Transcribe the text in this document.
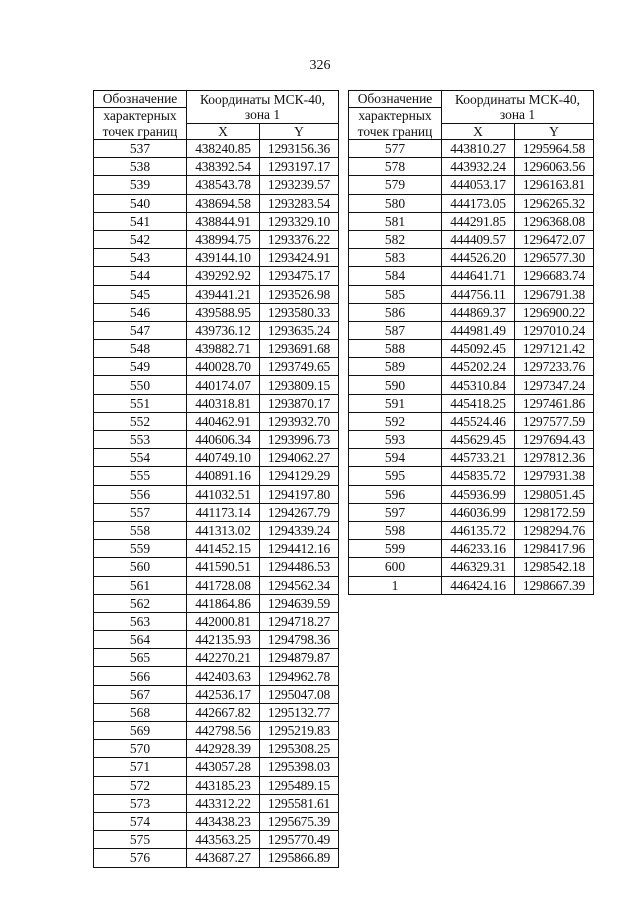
326
Обозначение	Координаты МСК-40,	
характерных	зона 1	
точек границ	X	Y
537	438240.85	1293156.36
538	438392.54	1293197.17
539	438543.78	1293239.57
540	438694.58	1293283.54
541	438844.91	1293329.10
542	438994.75	1293376.22
543	439144.10	1293424.91
544	439292.92	1293475.17
545	439441.21	1293526.98
546	439588.95	1293580.33
547	439736.12	1293635.24
548	439882.71	1293691.68
549	440028.70	1293749.65
550	440174.07	1293809.15
551	440318.81	1293870.17
552	440462.91	1293932.70
553	440606.34	1293996.73
554	440749.10	1294062.27
555	440891.16	1294129.29
556	441032.51	1294197.80
557	441173.14	1294267.79
558	441313.02	1294339.24
559	441452.15	1294412.16
560	441590.51	1294486.53
561	441728.08	1294562.34
562	441864.86	1294639.59
563	442000.81	1294718.27
564	442135.93	1294798.36
565	442270.21	1294879.87
566	442403.63	1294962.78
567	442536.17	1295047.08
568	442667.82	1295132.77
569	442798.56	1295219.83
570	442928.39	1295308.25
571	443057.28	1295398.03
572	443185.23	1295489.15
573	443312.22	1295581.61
574	443438.23	1295675.39
575	443563.25	1295770.49
576	443687.27	1295866.89
Обозначение	Координаты МСК-40,	
характерных	зона 1	
точек границ	X	Y
577	443810.27	1295964.58
578	443932.24	1296063.56
579	444053.17	1296163.81
580	444173.05	1296265.32
581	444291.85	1296368.08
582	444409.57	1296472.07
583	444526.20	1296577.30
584	444641.71	1296683.74
585	444756.11	1296791.38
586	444869.37	1296900.22
587	444981.49	1297010.24
588	445092.45	1297121.42
589	445202.24	1297233.76
590	445310.84	1297347.24
591	445418.25	1297461.86
592	445524.46	1297577.59
593	445629.45	1297694.43
594	445733.21	1297812.36
595	445835.72	1297931.38
596	445936.99	1298051.45
597	446036.99	1298172.59
598	446135.72	1298294.76
599	446233.16	1298417.96
600	446329.31	1298542.18
1	446424.16	1298667.39
